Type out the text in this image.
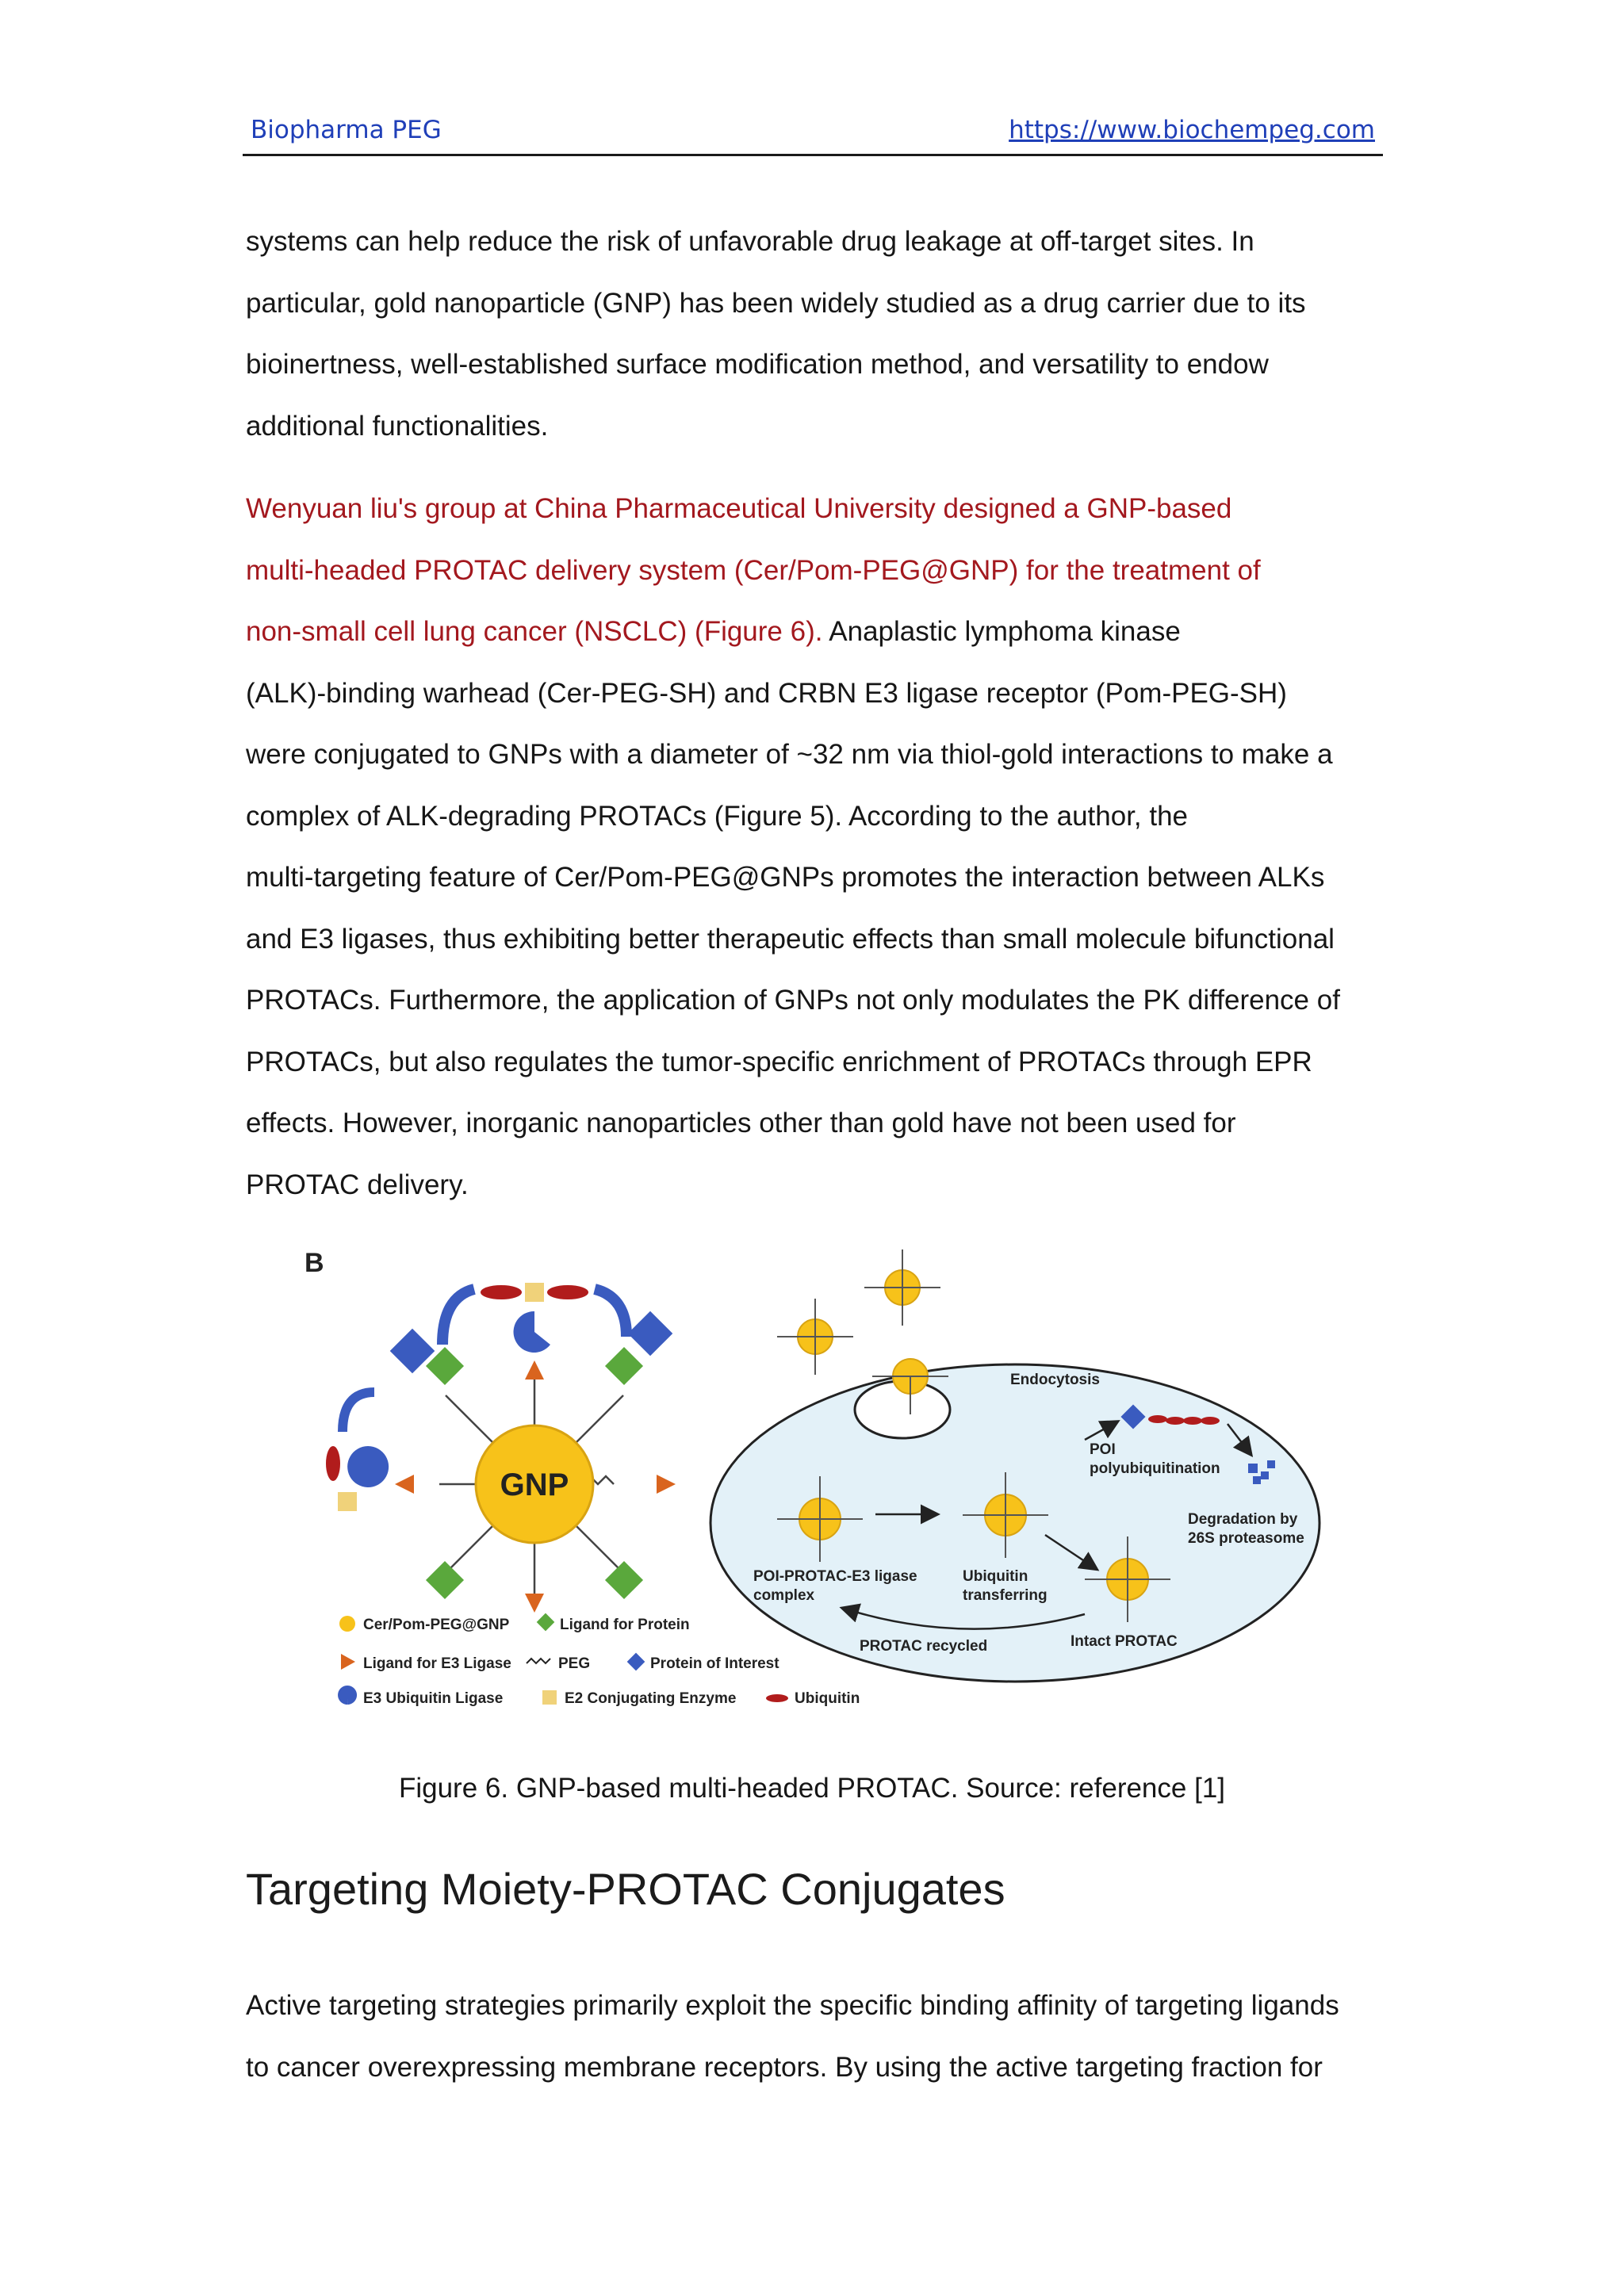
Biopharma PEG	https://www.biochempeg.com
systems can help reduce the risk of unfavorable drug leakage at off-target sites. In
particular, gold nanoparticle (GNP) has been widely studied as a drug carrier due to its
bioinertness, well-established surface modification method, and versatility to endow
additional functionalities.
Wenyuan liu's group at China Pharmaceutical University designed a GNP-based
multi-headed PROTAC delivery system (Cer/Pom-PEG@GNP) for the treatment of
non-small cell lung cancer (NSCLC) (Figure 6). Anaplastic lymphoma kinase
(ALK)-binding warhead (Cer-PEG-SH) and CRBN E3 ligase receptor (Pom-PEG-SH)
were conjugated to GNPs with a diameter of ~32 nm via thiol-gold interactions to make a
complex of ALK-degrading PROTACs (Figure 5). According to the author, the
multi-targeting feature of Cer/Pom-PEG@GNPs promotes the interaction between ALKs
and E3 ligases, thus exhibiting better therapeutic effects than small molecule bifunctional
PROTACs. Furthermore, the application of GNPs not only modulates the PK difference of
PROTACs, but also regulates the tumor-specific enrichment of PROTACs through EPR
effects. However, inorganic nanoparticles other than gold have not been used for
PROTAC delivery.
B
GNP
Endocytosis
POI
polyubiquitination
Degradation by
26S proteasome
POI-PROTAC-E3 ligase
complex
Ubiquitin
transferring
PROTAC recycled	Intact PROTAC
Cer/Pom-PEG@GNP	Ligand for Protein
Ligand for E3 Ligase	PEG	Protein of Interest
E3 Ubiquitin Ligase	E2 Conjugating Enzyme	Ubiquitin
Figure 6. GNP-based multi-headed PROTAC. Source: reference [1]
Targeting Moiety-PROTAC Conjugates
Active targeting strategies primarily exploit the specific binding affinity of targeting ligands
to cancer overexpressing membrane receptors. By using the active targeting fraction for
